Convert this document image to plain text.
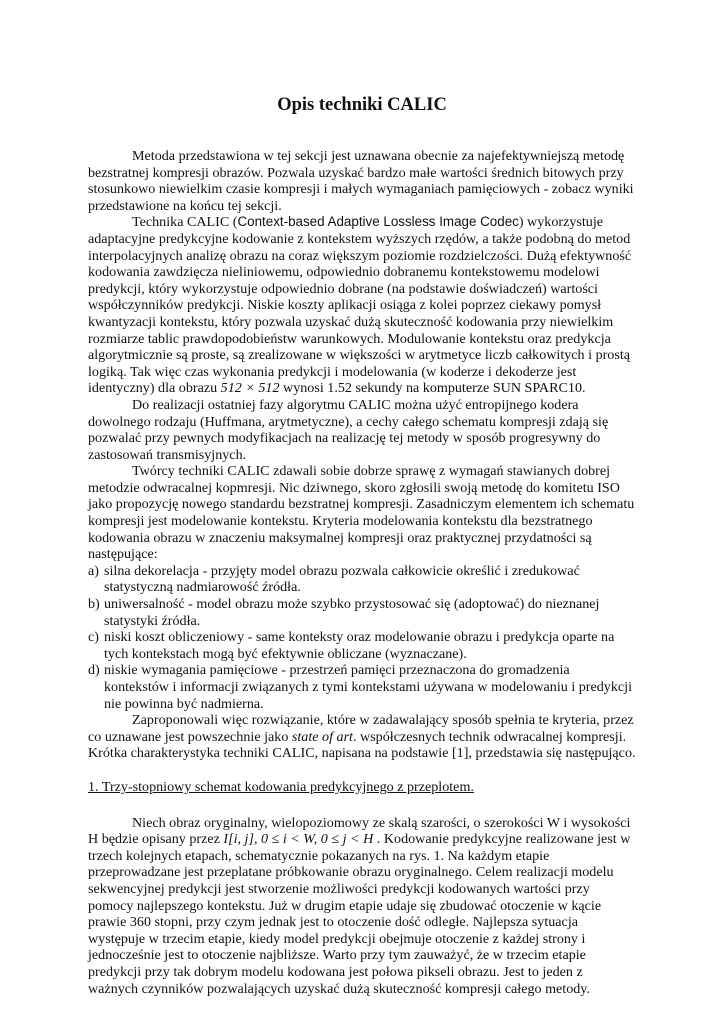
Opis techniki CALIC

Metoda przedstawiona w tej sekcji jest uznawana obecnie za najefektywniejszą metodę bezstratnej kompresji obrazów. Pozwala uzyskać bardzo małe wartości średnich bitowych przy stosunkowo niewielkim czasie kompresji i małych wymaganiach pamięciowych - zobacz wyniki przedstawione na końcu tej sekcji.

Technika CALIC (Context-based Adaptive Lossless Image Codec) wykorzystuje adaptacyjne predykcyjne kodowanie z kontekstem wyższych rzędów, a także podobną do metod interpolacyjnych analizę obrazu na coraz większym poziomie rozdzielczości. Dużą efektywność kodowania zawdzięcza nieliniowemu, odpowiednio dobranemu kontekstowemu modelowi predykcji, który wykorzystuje odpowiednio dobrane (na podstawie doświadczeń) wartości współczynników predykcji. Niskie koszty aplikacji osiąga z kolei poprzez ciekawy pomysł kwantyzacji kontekstu, który pozwala uzyskać dużą skuteczność kodowania przy niewielkim rozmiarze tablic prawdopodobieństw warunkowych. Modulowanie kontekstu oraz predykcja algorytmicznie są proste, są zrealizowane w większości w arytmetyce liczb całkowitych i prostą logiką. Tak więc czas wykonania predykcji i modelowania (w koderze i dekoderze jest identyczny) dla obrazu 512 × 512 wynosi 1.52 sekundy na komputerze SUN SPARC10.

Do realizacji ostatniej fazy algorytmu CALIC można użyć entropijnego kodera dowolnego rodzaju (Huffmana, arytmetyczne), a cechy całego schematu kompresji zdają się pozwalać przy pewnych modyfikacjach na realizację tej metody w sposób progresywny do zastosowań transmisyjnych.

Twórcy techniki CALIC zdawali sobie dobrze sprawę z wymagań stawianych dobrej metodzie odwracalnej kopmresji. Nic dziwnego, skoro zgłosili swoją metodę do komitetu ISO jako propozycję nowego standardu bezstratnej kompresji. Zasadniczym elementem ich schematu kompresji jest modelowanie kontekstu. Kryteria modelowania kontekstu dla bezstratnego kodowania obrazu w znaczeniu maksymalnej kompresji oraz praktycznej przydatności są następujące:

a) silna dekorelacja - przyjęty model obrazu pozwala całkowicie określić i zredukować statystyczną nadmiarowość źródła.
b) uniwersalność - model obrazu może szybko przystosować się (adoptować) do nieznanej statystyki źródła.
c) niski koszt obliczeniowy - same konteksty oraz modelowanie obrazu i predykcja oparte na tych kontekstach mogą być efektywnie obliczane (wyznaczane).
d) niskie wymagania pamięciowe - przestrzeń pamięci przeznaczona do gromadzenia kontekstów i informacji związanych z tymi kontekstami używana w modelowaniu i predykcji nie powinna być nadmierna.

Zaproponowali więc rozwiązanie, które w zadawalający sposób spełnia te kryteria, przez co uznawane jest powszechnie jako state of art. współczesnych technik odwracalnej kompresji. Krótka charakterystyka techniki CALIC, napisana na podstawie [1], przedstawia się następująco.

1. Trzy-stopniowy schemat kodowania predykcyjnego z przeplotem.

Niech obraz oryginalny, wielopoziomowy ze skalą szarości, o szerokości W i wysokości H będzie opisany przez I[i, j], 0 ≤ i < W, 0 ≤ j < H . Kodowanie predykcyjne realizowane jest w trzech kolejnych etapach, schematycznie pokazanych na rys. 1. Na każdym etapie przeprowadzane jest przeplatane próbkowanie obrazu oryginalnego. Celem realizacji modelu sekwencyjnej predykcji jest stworzenie możliwości predykcji kodowanych wartości przy pomocy najlepszego kontekstu. Już w drugim etapie udaje się zbudować otoczenie w kącie prawie 360 stopni, przy czym jednak jest to otoczenie dość odległe. Najlepsza sytuacja występuje w trzecim etapie, kiedy model predykcji obejmuje otoczenie z każdej strony i jednocześnie jest to otoczenie najbliższe. Warto przy tym zauważyć, że w trzecim etapie predykcji przy tak dobrym modelu kodowana jest połowa pikseli obrazu. Jest to jeden z ważnych czynników pozwalających uzyskać dużą skuteczność kompresji całego metody.
